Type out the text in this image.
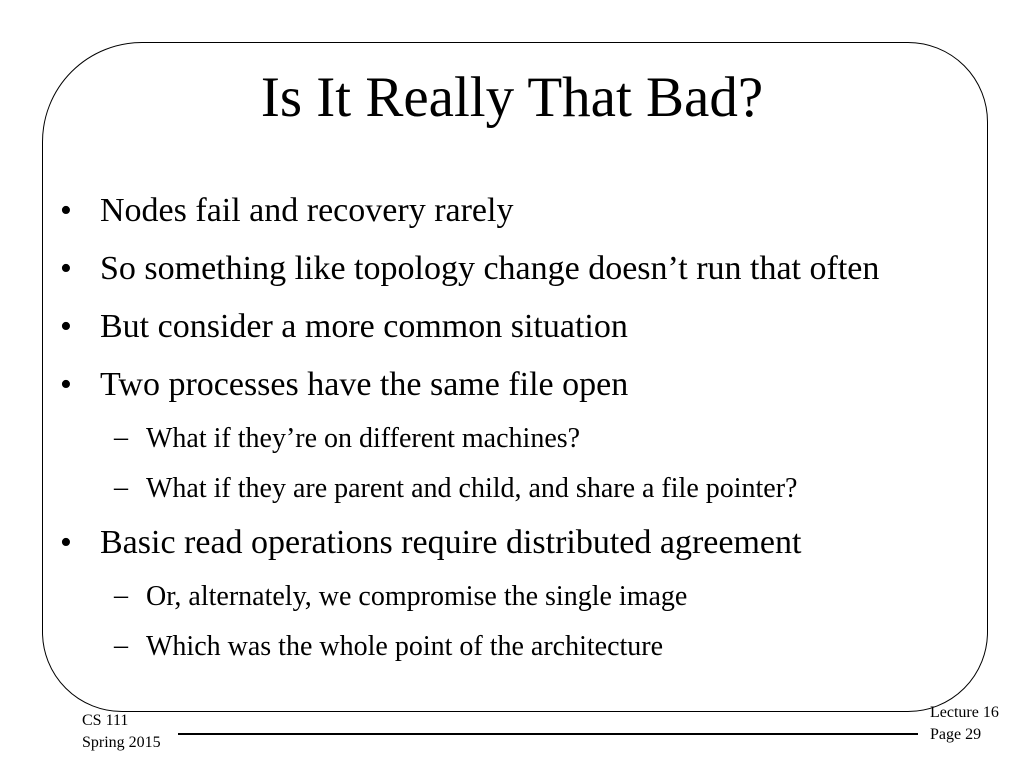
Is It Really That Bad?
• Nodes fail and recovery rarely
• So something like topology change doesn’t run that often
• But consider a more common situation
• Two processes have the same file open
– What if they’re on different machines?
– What if they are parent and child, and share a file pointer?
• Basic read operations require distributed agreement
– Or, alternately, we compromise the single image
– Which was the whole point of the architecture
CS 111
Spring 2015
Lecture 16
Page 29
